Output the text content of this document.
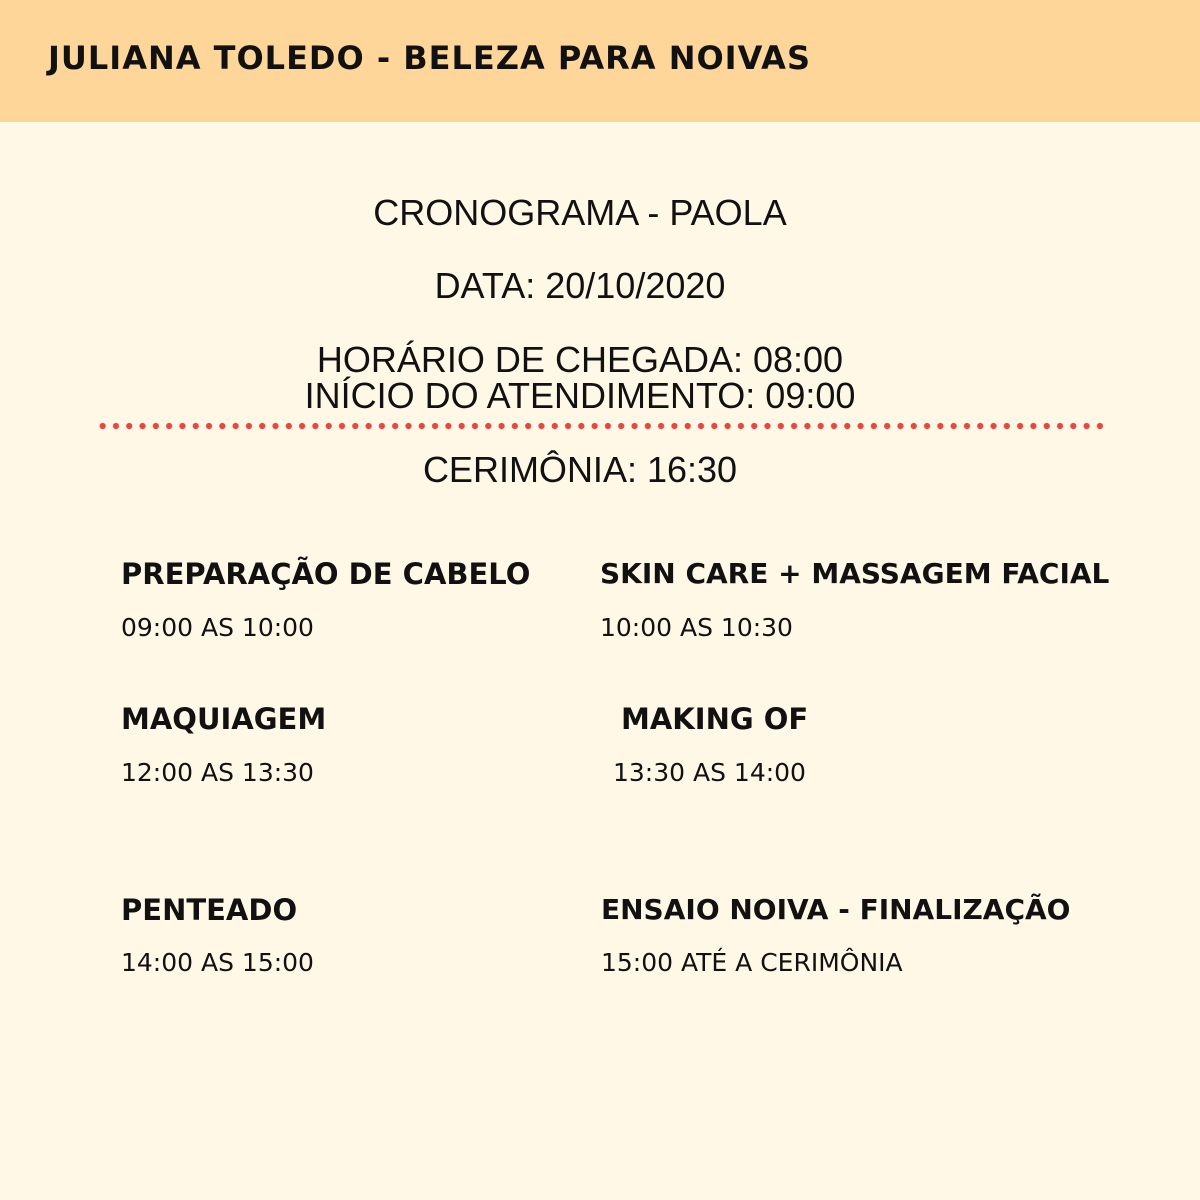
JULIANA TOLEDO - BELEZA PARA NOIVAS
CRONOGRAMA - PAOLA
DATA: 20/10/2020
HORÁRIO DE CHEGADA: 08:00
INÍCIO DO ATENDIMENTO: 09:00
CERIMÔNIA: 16:30
PREPARAÇÃO DE CABELO
09:00 AS 10:00
SKIN CARE + MASSAGEM FACIAL
10:00 AS 10:30
MAQUIAGEM
12:00 AS 13:30
MAKING OF
13:30 AS 14:00
PENTEADO
14:00 AS 15:00
ENSAIO NOIVA - FINALIZAÇÃO
15:00 ATÉ A CERIMÔNIA
